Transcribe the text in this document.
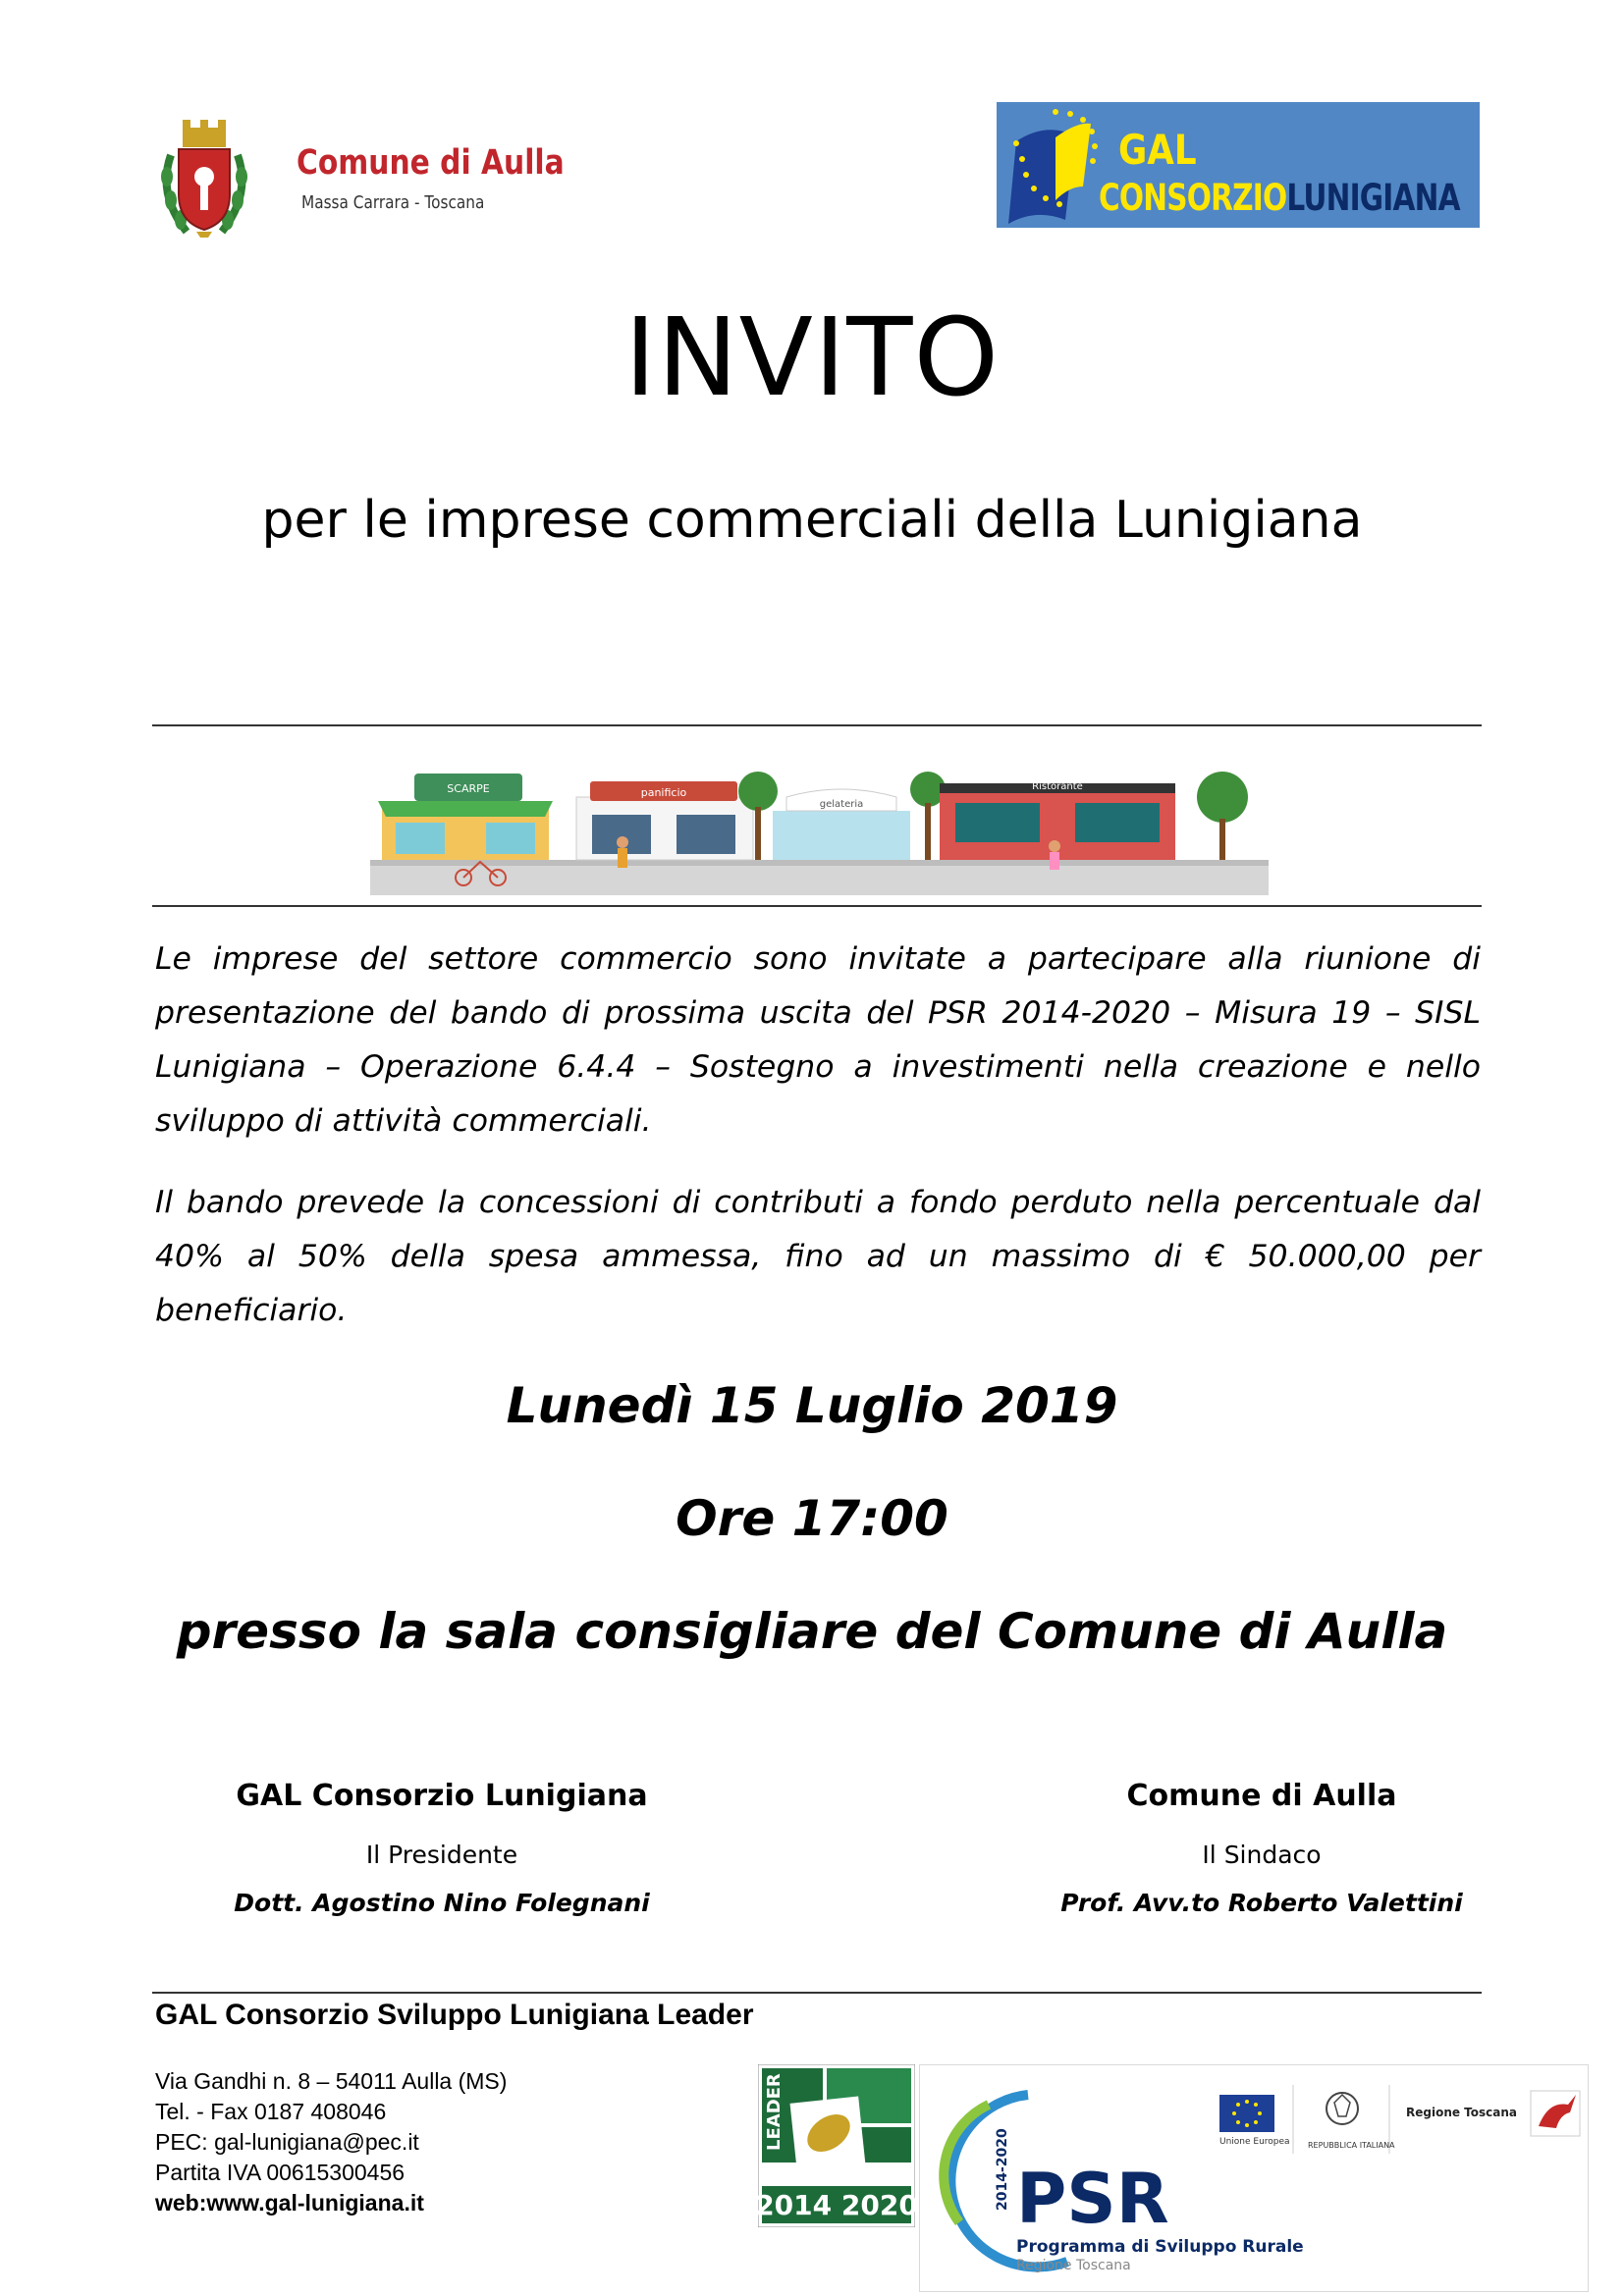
Comune di Aulla
Massa Carrara - Toscana
GAL
CONSORZIOLUNIGIANA
INVITO
per le imprese commerciali della Lunigiana
SCARPE	panificio
gelateria
Ristorante
Le imprese del settore commercio sono invitate a partecipare alla riunione di presentazione del bando di prossima uscita del PSR 2014-2020 – Misura 19 – SISL Lunigiana – Operazione 6.4.4 – Sostegno a investimenti nella creazione e nello sviluppo di attività commerciali.
Il bando prevede la concessioni di contributi a fondo perduto nella percentuale dal 40% al 50% della spesa ammessa, fino ad un massimo di € 50.000,00 per beneficiario.
Lunedì 15 Luglio 2019
Ore 17:00
presso la sala consigliare del Comune di Aulla
GAL Consorzio Lunigiana
Il Presidente
Dott. Agostino Nino Folegnani
Comune di Aulla
Il Sindaco
Prof. Avv.to Roberto Valettini
GAL Consorzio Sviluppo Lunigiana Leader
Via Gandhi n. 8 – 54011 Aulla (MS)
Tel. - Fax 0187 408046
PEC: gal-lunigiana@pec.it
Partita IVA 00615300456
web:www.gal-lunigiana.it
LEADER
2014 2020	2014-2020 PSR
Programma di Sviluppo Rurale
Regione Toscana
Unione Europea REPUBBLICA ITALIANA
Regione Toscana
